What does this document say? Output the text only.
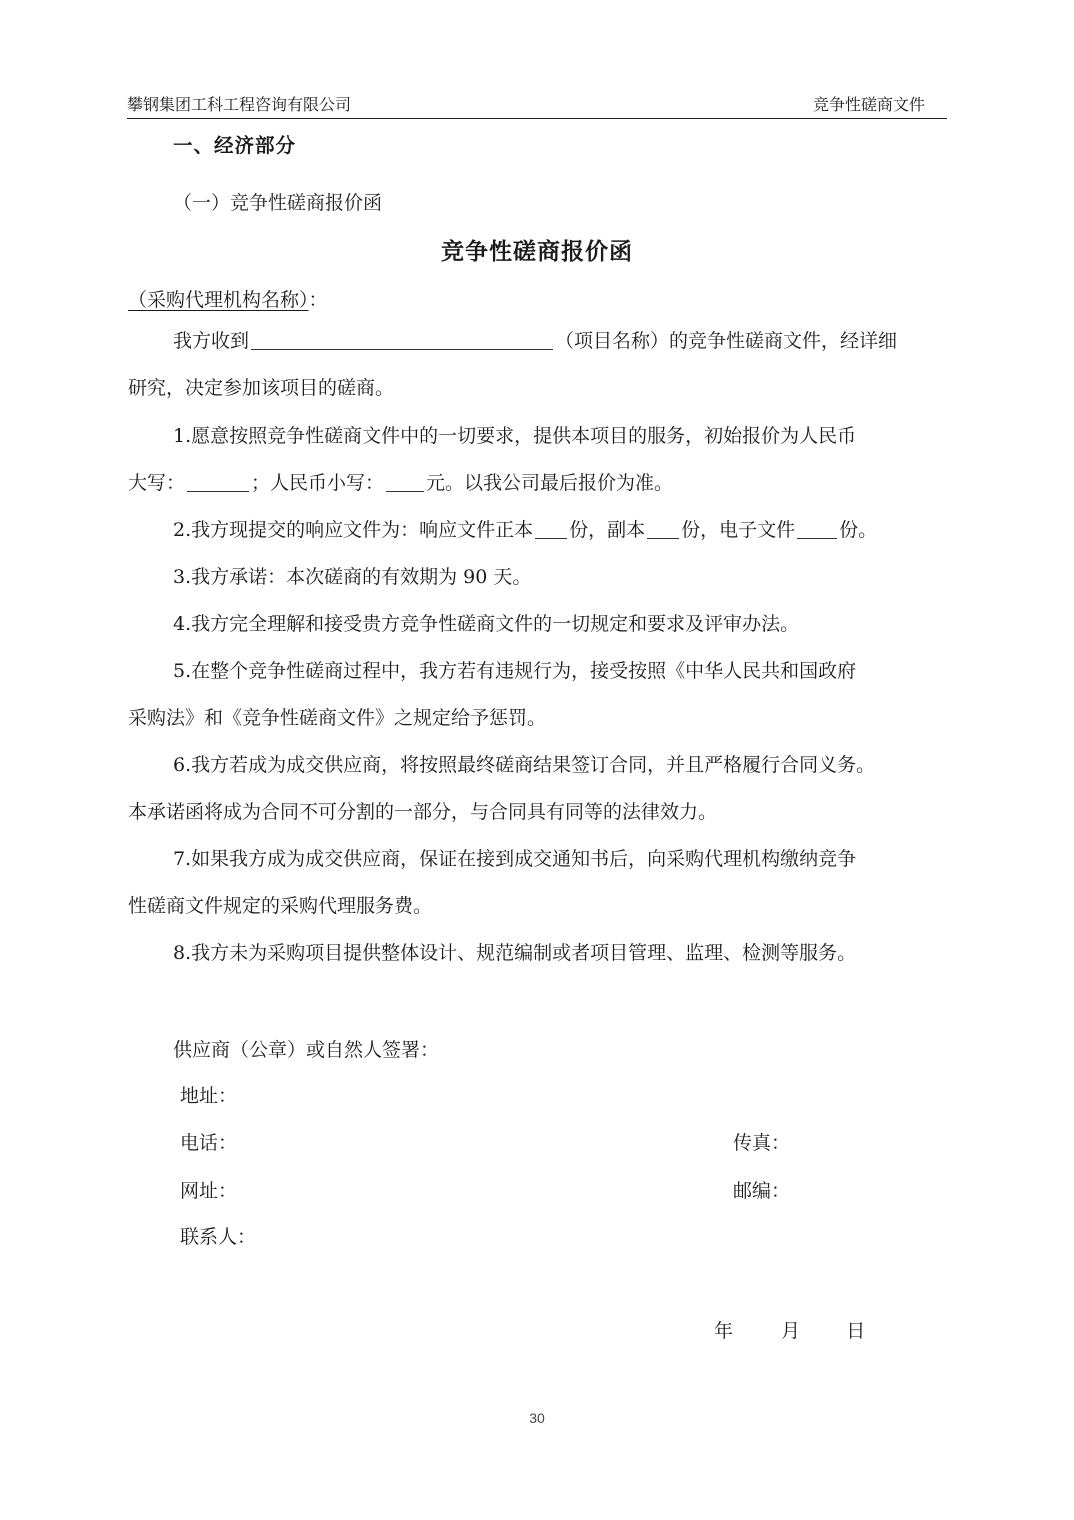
攀钢集团工科工程咨询有限公司	竞争性磋商文件
一、经济部分
（一）竞争性磋商报价函
竞争性磋商报价函
（采购代理机构名称）：
我方收到	（项目名称）的竞争性磋商文件，经详细
研究，决定参加该项目的磋商。
1.愿意按照竞争性磋商文件中的一切要求，提供本项目的服务，初始报价为人民币
大写：	；人民币小写： 元。以我公司最后报价为准。
2.我方现提交的响应文件为：响应文件正本 份，副本 份，电子文件 份。
3.我方承诺：本次磋商的有效期为 90 天。
4.我方完全理解和接受贵方竞争性磋商文件的一切规定和要求及评审办法。
5.在整个竞争性磋商过程中，我方若有违规行为，接受按照《中华人民共和国政府
采购法》和《竞争性磋商文件》之规定给予惩罚。
6.我方若成为成交供应商，将按照最终磋商结果签订合同，并且严格履行合同义务。
本承诺函将成为合同不可分割的一部分，与合同具有同等的法律效力。
7.如果我方成为成交供应商，保证在接到成交通知书后，向采购代理机构缴纳竞争
性磋商文件规定的采购代理服务费。
8.我方未为采购项目提供整体设计、规范编制或者项目管理、监理、检测等服务。
供应商（公章）或自然人签署：
地址：
电话：	传真：
网址：	邮编：
联系人：
年	月 日
30
